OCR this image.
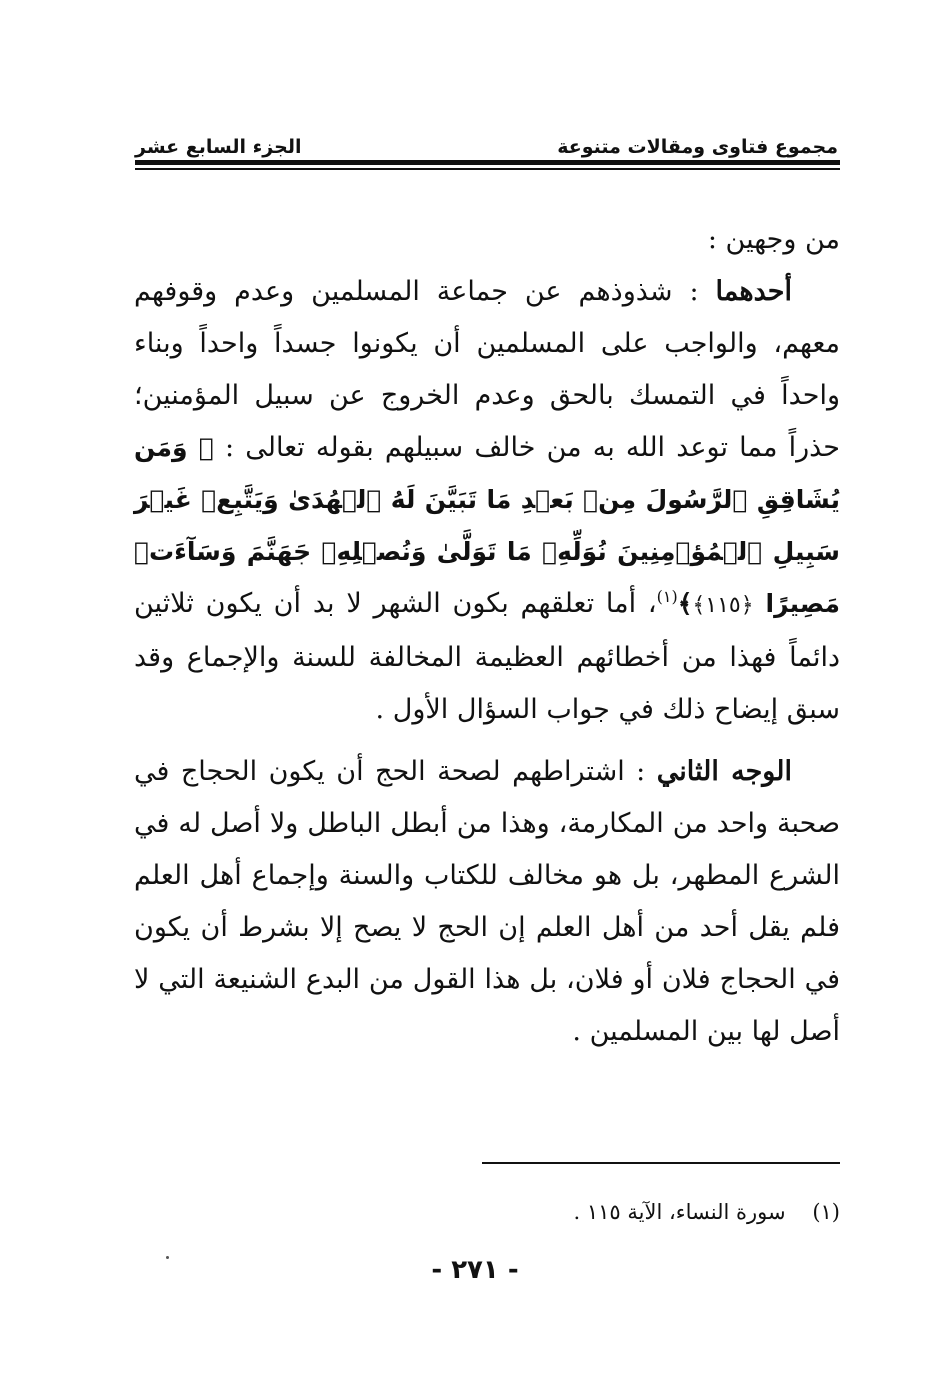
مجموع فتاوى ومقالات متنوعة
الجزء السابع عشر

من وجهين :

أحدهما : شذوذهم عن جماعة المسلمين وعدم وقوفهم معهم، والواجب على المسلمين أن يكونوا جسداً واحداً وبناء واحداً في التمسك بالحق وعدم الخروج عن سبيل المؤمنين؛ حذراً مما توعد الله به من خالف سبيلهم بقوله تعالى : ﴿ وَمَن يُشَاقِقِ ٱلرَّسُولَ مِنۢ بَعۡدِ مَا تَبَيَّنَ لَهُ ٱلۡهُدَىٰ وَيَتَّبِعۡ غَيۡرَ سَبِيلِ ٱلۡمُؤۡمِنِينَ نُوَلِّهِۦ مَا تَوَلَّىٰ وَنُصۡلِهِۦ جَهَنَّمَ وَسَآءَتۡ مَصِيرًا ﴿١١٥﴾﴾$^{(١)}$، أما تعلقهم بكون الشهر لا بد أن يكون ثلاثين دائماً فهذا من أخطائهم العظيمة المخالفة للسنة والإجماع وقد سبق إيضاح ذلك في جواب السؤال الأول .

الوجه الثاني : اشتراطهم لصحة الحج أن يكون الحجاج في صحبة واحد من المكارمة، وهذا من أبطل الباطل ولا أصل له في الشرع المطهر، بل هو مخالف للكتاب والسنة وإجماع أهل العلم فلم يقل أحد من أهل العلم إن الحج لا يصح إلا بشرط أن يكون في الحجاج فلان أو فلان، بل هذا القول من البدع الشنيعة التي لا أصل لها بين المسلمين .

(١)    سورة النساء، الآية ١١٥ .
- ٢٧١ -
